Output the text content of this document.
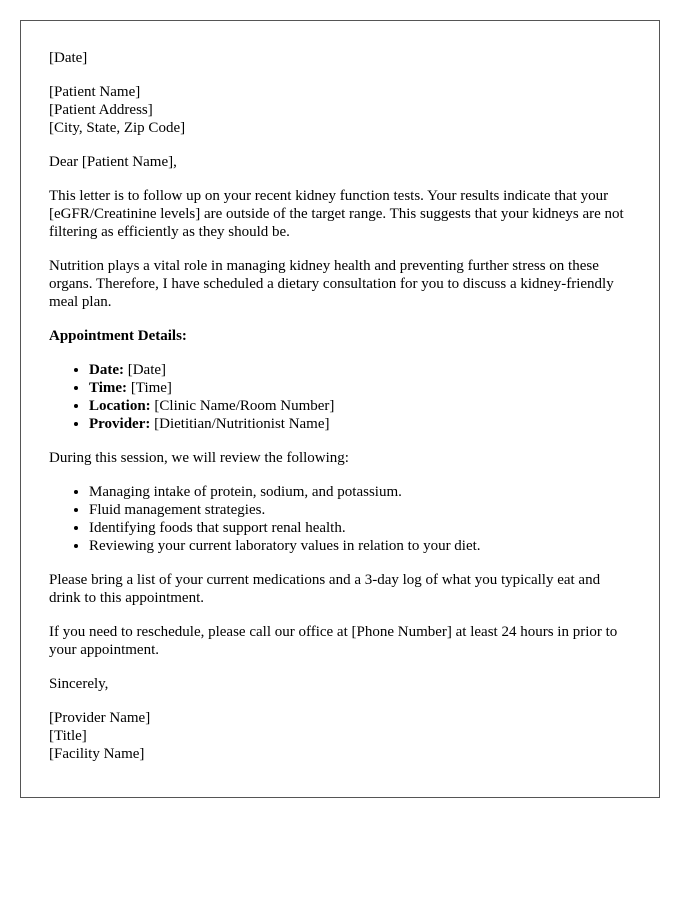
[Date]

[Patient Name]
[Patient Address]
[City, State, Zip Code]

Dear [Patient Name],

This letter is to follow up on your recent kidney function tests. Your results indicate that your [eGFR/Creatinine levels] are outside of the target range. This suggests that your kidneys are not filtering as efficiently as they should be.

Nutrition plays a vital role in managing kidney health and preventing further stress on these organs. Therefore, I have scheduled a dietary consultation for you to discuss a kidney-friendly meal plan.

Appointment Details:

• Date: [Date]
• Time: [Time]
• Location: [Clinic Name/Room Number]
• Provider: [Dietitian/Nutritionist Name]

During this session, we will review the following:

• Managing intake of protein, sodium, and potassium.
• Fluid management strategies.
• Identifying foods that support renal health.
• Reviewing your current laboratory values in relation to your diet.

Please bring a list of your current medications and a 3-day log of what you typically eat and drink to this appointment.

If you need to reschedule, please call our office at [Phone Number] at least 24 hours in prior to your appointment.

Sincerely,

[Provider Name]
[Title]
[Facility Name]
